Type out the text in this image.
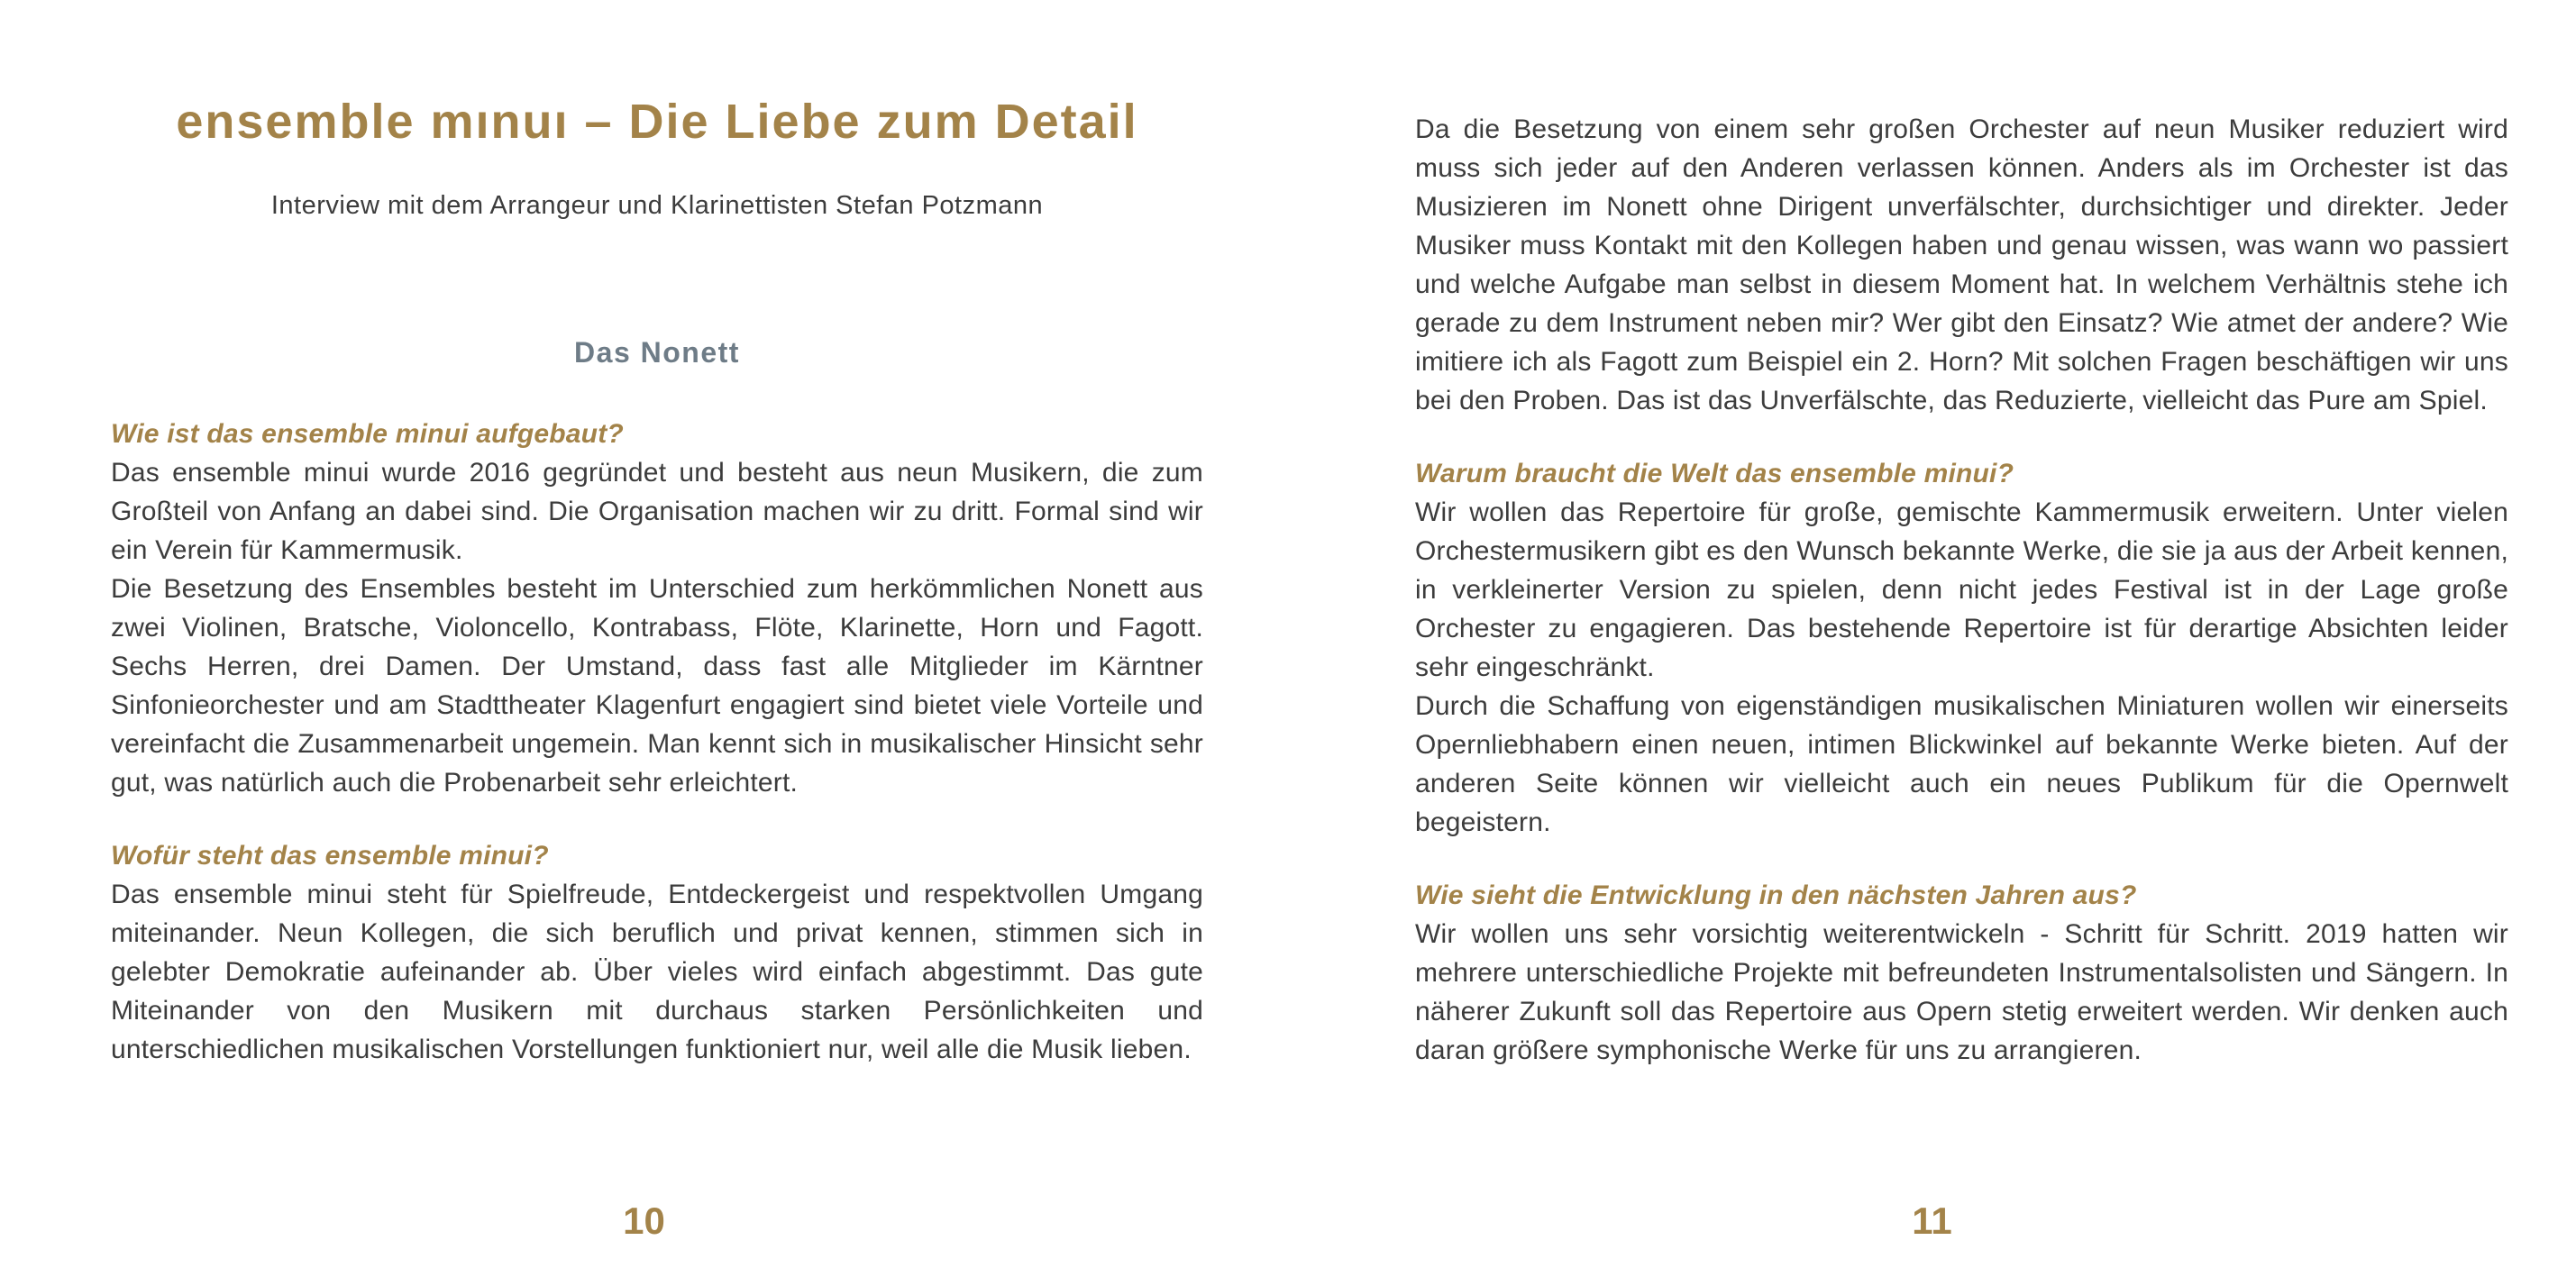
ensemble mınuı – Die Liebe zum Detail
Interview mit dem Arrangeur und Klarinettisten Stefan Potzmann
Das Nonett
Wie ist das ensemble minui aufgebaut?

Das ensemble minui wurde 2016 gegründet und besteht aus neun Musikern, die zum Großteil von Anfang an dabei sind. Die Organisation machen wir zu dritt. Formal sind wir ein Verein für Kammermusik.

Die Besetzung des Ensembles besteht im Unterschied zum herkömmlichen Nonett aus zwei Violinen, Bratsche, Violoncello, Kontrabass, Flöte, Klarinette, Horn und Fagott. Sechs Herren, drei Damen. Der Umstand, dass fast alle Mitglieder im Kärntner Sinfonieorchester und am Stadttheater Klagenfurt engagiert sind bietet viele Vorteile und vereinfacht die Zusammenarbeit ungemein. Man kennt sich in musikalischer Hinsicht sehr gut, was natürlich auch die Probenarbeit sehr erleichtert.

Wofür steht das ensemble minui?

Das ensemble minui steht für Spielfreude, Entdeckergeist und respektvollen Umgang miteinander. Neun Kollegen, die sich beruflich und privat kennen, stimmen sich in gelebter Demokratie aufeinander ab. Über vieles wird einfach abgestimmt. Das gute Miteinander von den Musikern mit durchaus starken Persönlichkeiten und unterschiedlichen musikalischen Vorstellungen funktioniert nur, weil alle die Musik lieben.

Da die Besetzung von einem sehr großen Orchester auf neun Musiker reduziert wird muss sich jeder auf den Anderen verlassen können. Anders als im Orchester ist das Musizieren im Nonett ohne Dirigent unverfälschter, durchsichtiger und direkter. Jeder Musiker muss Kontakt mit den Kollegen haben und genau wissen, was wann wo passiert und welche Aufgabe man selbst in diesem Moment hat. In welchem Verhältnis stehe ich gerade zu dem Instrument neben mir? Wer gibt den Einsatz? Wie atmet der andere? Wie imitiere ich als Fagott zum Beispiel ein 2. Horn? Mit solchen Fragen beschäftigen wir uns bei den Proben. Das ist das Unverfälschte, das Reduzierte, vielleicht das Pure am Spiel.

Warum braucht die Welt das ensemble minui?

Wir wollen das Repertoire für große, gemischte Kammermusik erweitern. Unter vielen Orchestermusikern gibt es den Wunsch bekannte Werke, die sie ja aus der Arbeit kennen, in verkleinerter Version zu spielen, denn nicht jedes Festival ist in der Lage große Orchester zu engagieren. Das bestehende Repertoire ist für derartige Absichten leider sehr eingeschränkt.

Durch die Schaffung von eigenständigen musikalischen Miniaturen wollen wir einerseits Opernliebhabern einen neuen, intimen Blickwinkel auf bekannte Werke bieten. Auf der anderen Seite können wir vielleicht auch ein neues Publikum für die Opernwelt begeistern.

Wie sieht die Entwicklung in den nächsten Jahren aus?

Wir wollen uns sehr vorsichtig weiterentwickeln - Schritt für Schritt. 2019 hatten wir mehrere unterschiedliche Projekte mit befreundeten Instrumentalsolisten und Sängern. In näherer Zukunft soll das Repertoire aus Opern stetig erweitert werden. Wir denken auch daran größere symphonische Werke für uns zu arrangieren.

10	11
